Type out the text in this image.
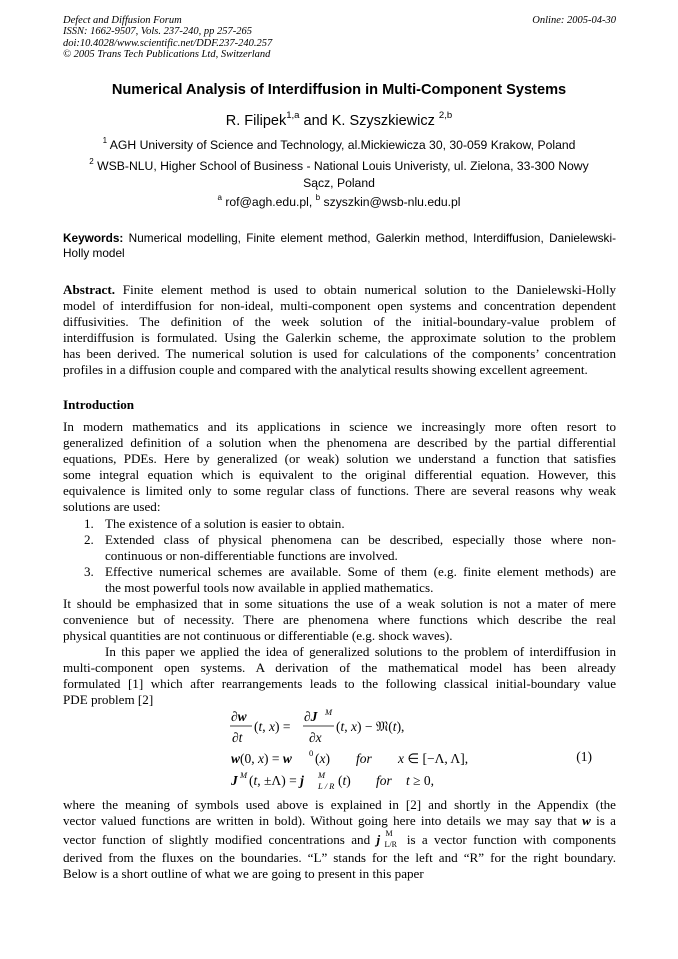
Defect and Diffusion Forum
ISSN: 1662-9507, Vols. 237-240, pp 257-265
doi:10.4028/www.scientific.net/DDF.237-240.257
© 2005 Trans Tech Publications Ltd, Switzerland
Online: 2005-04-30
Numerical Analysis of Interdiffusion in Multi-Component Systems
R. Filipek$^{1,a}$ and K. Szyszkiewicz $^{2,b}$
$^1$ AGH University of Science and Technology, al.Mickiewicza 30, 30-059 Krakow, Poland
$^2$ WSB-NLU, Higher School of Business - National Louis Univeristy, ul. Zielona, 33-300 Nowy
Sącz, Poland
$^a$ rof@agh.edu.pl, $^b$ szyszkin@wsb-nlu.edu.pl
Keywords: Numerical modelling, Finite element method, Galerkin method, Interdiffusion, Danielewski-Holly model
Abstract. Finite element method is used to obtain numerical solution to the Danielewski-Holly
model of interdiffusion for non-ideal, multi-component open systems and concentration dependent
diffusivities. The definition of the week solution of the initial-boundary-value problem of
interdiffusion is formulated. Using the Galerkin scheme, the approximate solution to the problem
has been derived. The numerical solution is used for calculations of the components’ concentration
profiles in a diffusion couple and compared with the analytical results showing excellent agreement.
Introduction
In modern mathematics and its applications in science we increasingly more often resort to
generalized definition of a solution when the phenomena are described by the partial differential
equations, PDEs. Here by generalized (or weak) solution we understand a function that satisfies
some integral equation which is equivalent to the original differential equation. However, this
equivalence is limited only to some regular class of functions. There are several reasons why weak
solutions are used:
1. The existence of a solution is easier to obtain.
2. Extended class of physical phenomena can be described, especially those where non-
continuous or non-differentiable functions are involved.
3. Effective numerical schemes are available. Some of them (e.g. finite element methods) are
the most powerful tools now available in applied mathematics.
It should be emphasized that in some situations the use of a weak solution is not a mater of mere
convenience but of necessity. There are phenomena where functions which describe the real
physical quantities are not continuous or differentiable (e.g. shock waves).
In this paper we applied the idea of generalized solutions to the problem of interdiffusion in
multi-component open systems. A derivation of the mathematical model has been already
formulated [1] which after rearrangements leads to the following classical initial-boundary value
PDE problem [2]
∂w
∂t
(t, x) =
∂J M
∂x
(t, x) − 𝔐(t),
w(0, x) = w 0 (x) for x ∈ [−Λ, Λ],
J M (t, ±Λ) = j M
L / R (t) for t ≥ 0,
(1)
where the meaning of symbols used above is explained in [2] and shortly in the Appendix (the
vector valued functions are written in bold). Without going here into details we may say that w is a
vector function of slightly modified concentrations and j M
L/R is a vector function with components
derived from the fluxes on the boundaries. “L” stands for the left and “R” for the right boundary.
Below is a short outline of what we are going to present in this paper
